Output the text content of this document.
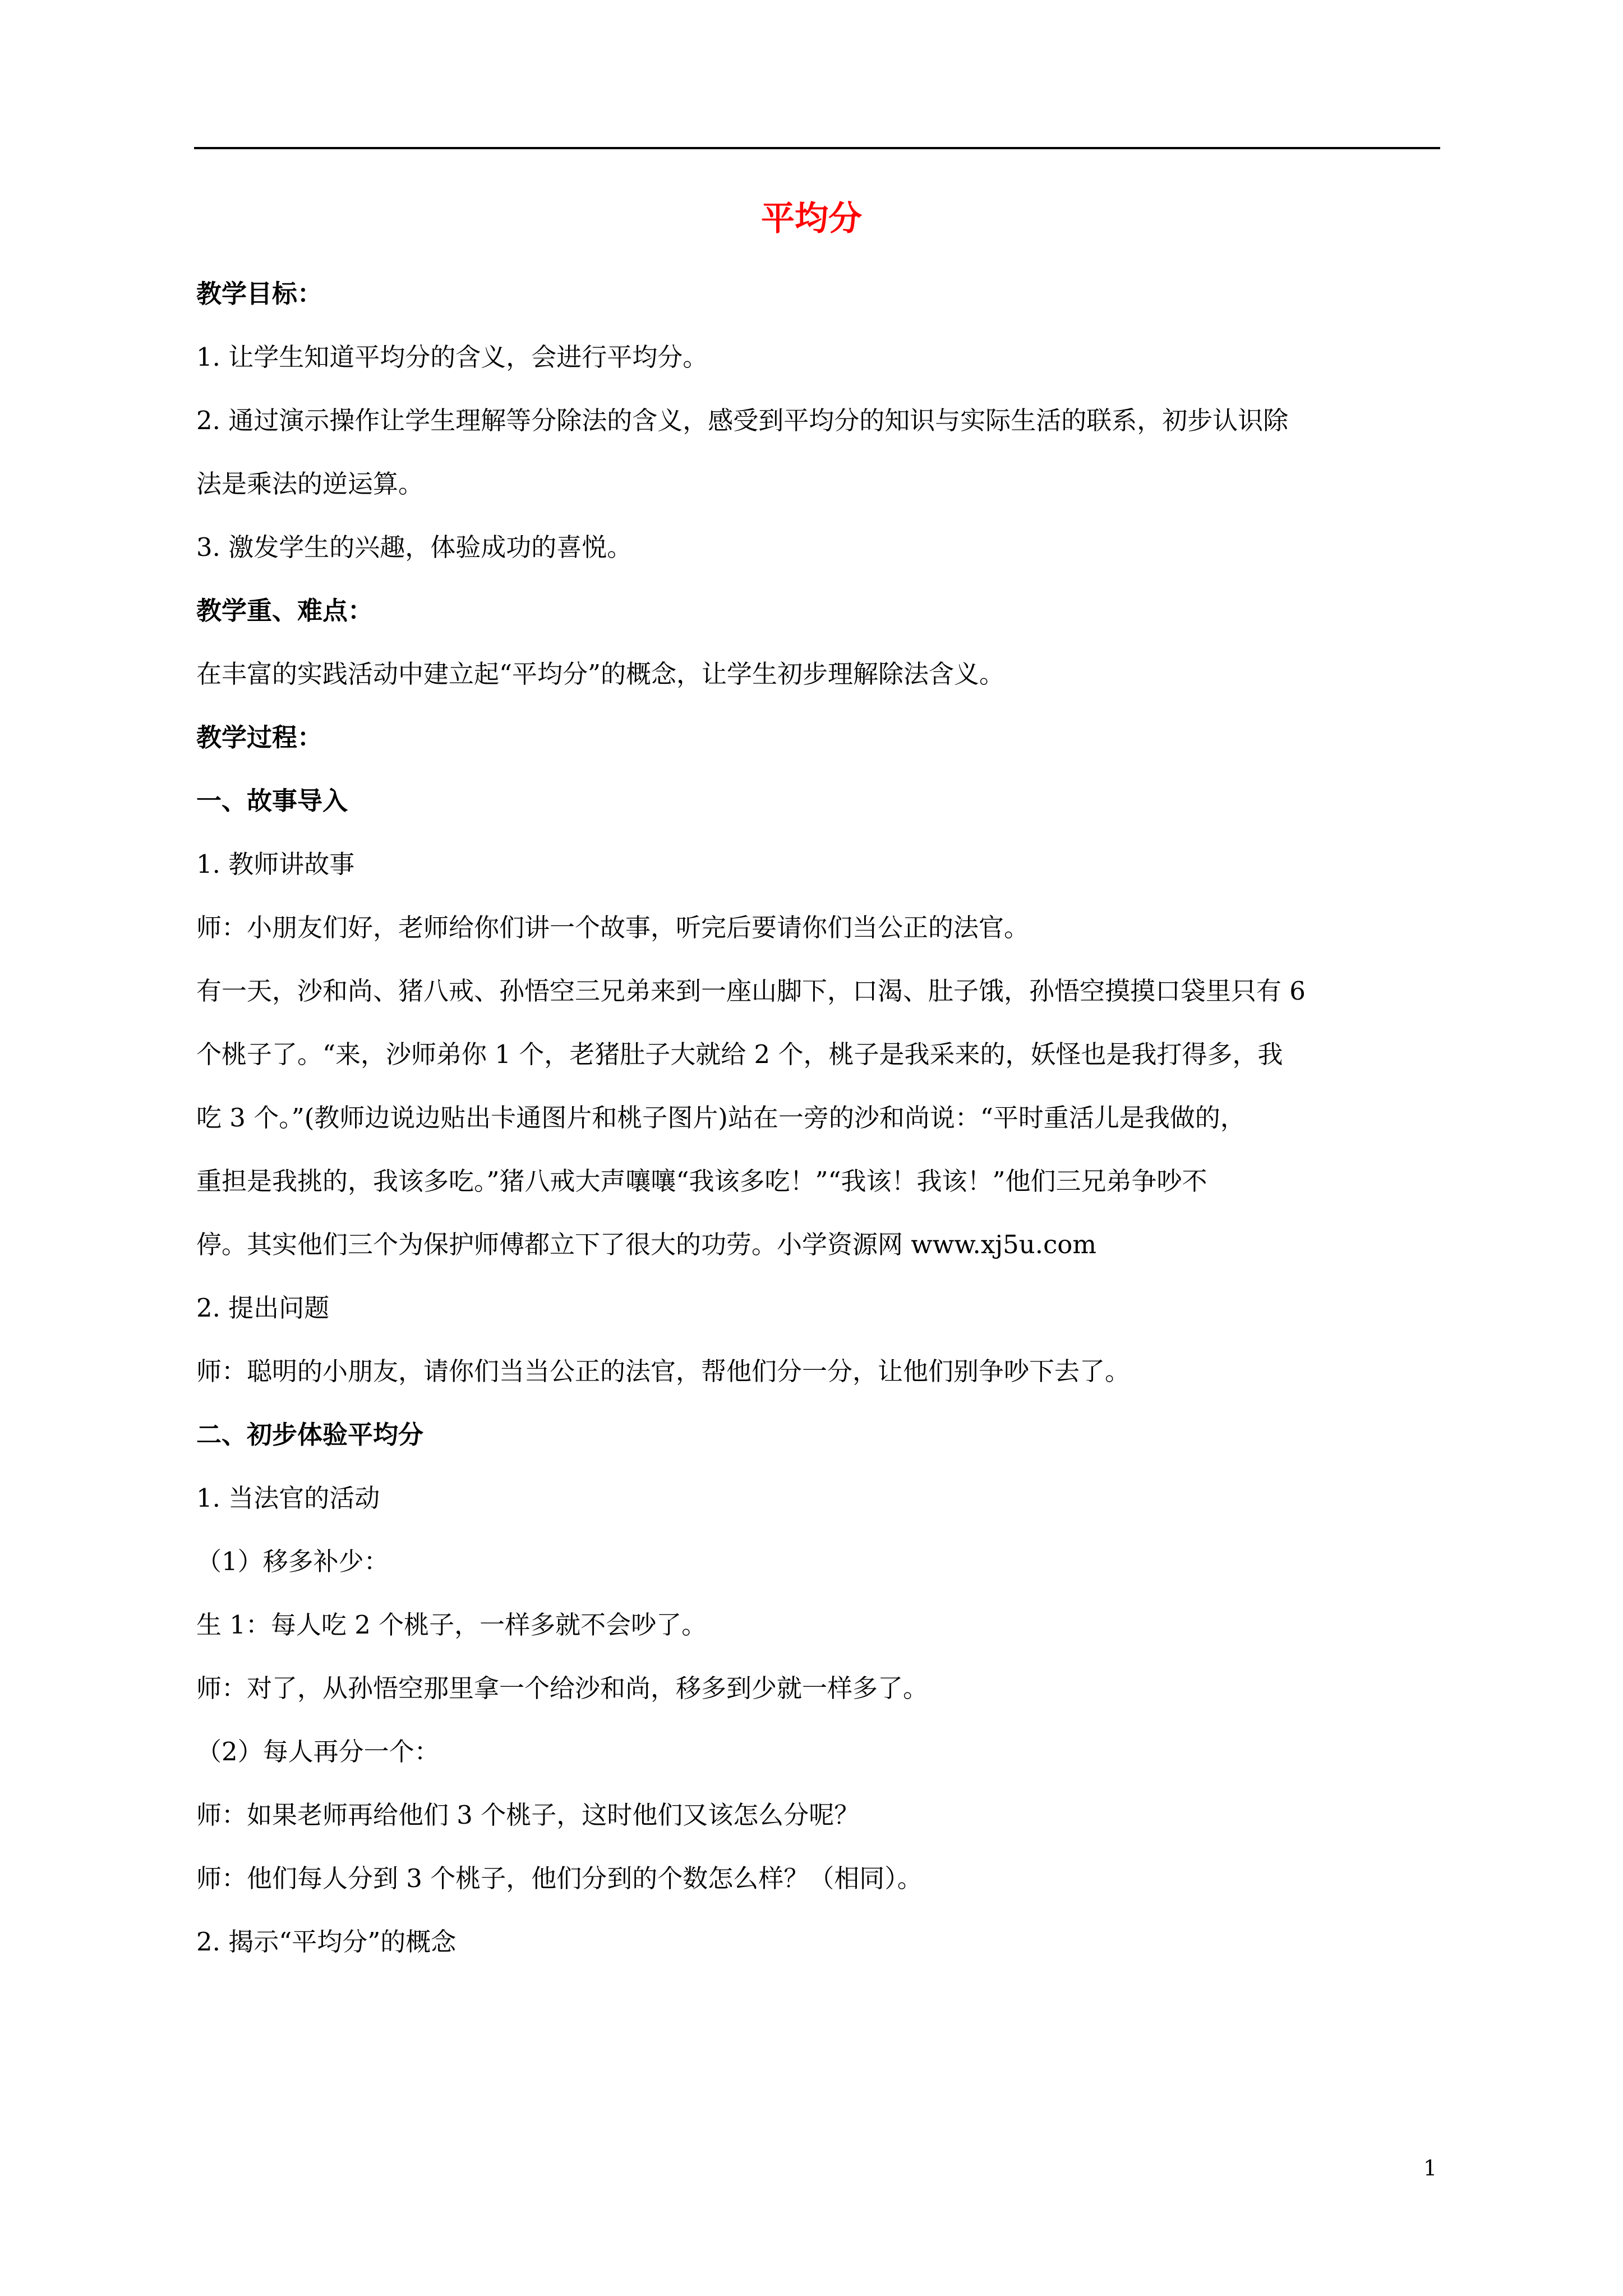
平均分
教学目标：
1. 让学生知道平均分的含义，会进行平均分。
2. 通过演示操作让学生理解等分除法的含义，感受到平均分的知识与实际生活的联系，初步认识除
法是乘法的逆运算。
3. 激发学生的兴趣，体验成功的喜悦。
教学重、难点：
在丰富的实践活动中建立起“平均分”的概念，让学生初步理解除法含义。
教学过程：
一、故事导入
1. 教师讲故事
师：小朋友们好，老师给你们讲一个故事，听完后要请你们当公正的法官。
有一天，沙和尚、猪八戒、孙悟空三兄弟来到一座山脚下，口渴、肚子饿，孙悟空摸摸口袋里只有 6
个桃子了。“来，沙师弟你 1 个，老猪肚子大就给 2 个，桃子是我采来的，妖怪也是我打得多，我
吃 3 个。”(教师边说边贴出卡通图片和桃子图片)站在一旁的沙和尚说：“平时重活儿是我做的，
重担是我挑的，我该多吃。”猪八戒大声嚷嚷“我该多吃！”“我该！我该！”他们三兄弟争吵不
停。其实他们三个为保护师傅都立下了很大的功劳。小学资源网 www.xj5u.com
2. 提出问题
师：聪明的小朋友，请你们当当公正的法官，帮他们分一分，让他们别争吵下去了。
二、初步体验平均分
1. 当法官的活动
（1）移多补少：
生 1：每人吃 2 个桃子，一样多就不会吵了。
师：对了，从孙悟空那里拿一个给沙和尚，移多到少就一样多了。
（2）每人再分一个：
师：如果老师再给他们 3 个桃子，这时他们又该怎么分呢？
师：他们每人分到 3 个桃子，他们分到的个数怎么样？（相同）。
2. 揭示“平均分”的概念
1
